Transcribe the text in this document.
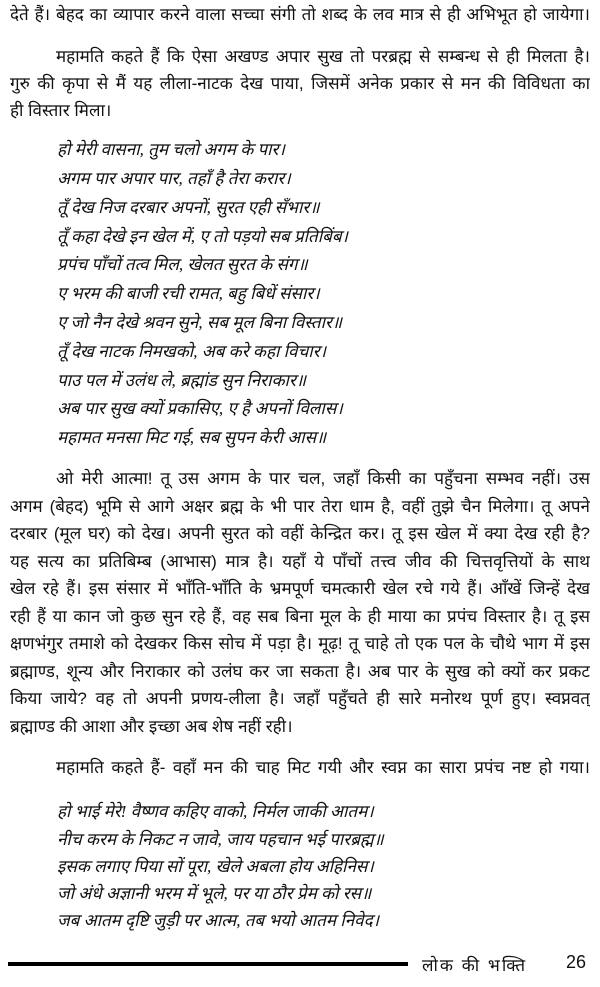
देते हैं। बेहद का व्यापार करने वाला सच्चा संगी तो शब्द के लव मात्र से ही अभिभूत हो जायेगा।
महामति कहते हैं कि ऐसा अखण्ड अपार सुख तो परब्रह्म से सम्बन्ध से ही मिलता है।
गुरु की कृपा से मैं यह लीला-नाटक देख पाया, जिसमें अनेक प्रकार से मन की विविधता का
ही विस्तार मिला।
हो मेरी वासना, तुम चलो अगम के पार।
अगम पार अपार पार, तहाँ है तेरा करार।
तूँ देख निज दरबार अपनों, सुरत एही सँभार॥
तूँ कहा देखे इन खेल में, ए तो पड़यो सब प्रतिबिंब।
प्रपंच पाँचों तत्व मिल, खेलत सुरत के संग॥
ए भरम की बाजी रची रामत, बहु बिधें संसार।
ए जो नैन देखे श्रवन सुने, सब मूल बिना विस्तार॥
तूँ देख नाटक निमखको, अब करे कहा विचार।
पाउ पल में उलंध ले, ब्रह्मांड सुन निराकार॥
अब पार सुख क्यों प्रकासिए, ए है अपनों विलास।
महामत मनसा मिट गई, सब सुपन केरी आस॥
ओ मेरी आत्मा! तू उस अगम के पार चल, जहाँ किसी का पहुँचना सम्भव नहीं। उस
अगम (बेहद) भूमि से आगे अक्षर ब्रह्म के भी पार तेरा धाम है, वहीं तुझे चैन मिलेगा। तू अपने
दरबार (मूल घर) को देख। अपनी सुरत को वहीं केन्द्रित कर। तू इस खेल में क्या देख रही है?
यह सत्य का प्रतिबिम्ब (आभास) मात्र है। यहाँ ये पाँचों तत्त्व जीव की चित्तवृत्तियों के साथ
खेल रहे हैं। इस संसार में भाँति-भाँति के भ्रमपूर्ण चमत्कारी खेल रचे गये हैं। आँखें जिन्हें देख
रही हैं या कान जो कुछ सुन रहे हैं, वह सब बिना मूल के ही माया का प्रपंच विस्तार है। तू इस
क्षणभंगुर तमाशे को देखकर किस सोच में पड़ा है। मूढ़! तू चाहे तो एक पल के चौथे भाग में इस
ब्रह्माण्ड, शून्य और निराकार को उलंघ कर जा सकता है। अब पार के सुख को क्यों कर प्रकट
किया जाये? वह तो अपनी प्रणय-लीला है। जहाँ पहुँचते ही सारे मनोरथ पूर्ण हुए। स्वप्नवत्
ब्रह्माण्ड की आशा और इच्छा अब शेष नहीं रही।
महामति कहते हैं- वहाँ मन की चाह मिट गयी और स्वप्न का सारा प्रपंच नष्ट हो गया।
हो भाई मेरे! वैष्णव कहिए वाको, निर्मल जाकी आतम।
नीच करम के निकट न जावे, जाय पहचान भई पारब्रह्म॥
इसक लगाए पिया सों पूरा, खेले अबला होय अहिनिस।
जो अंधे अज्ञानी भरम में भूले, पर या ठौर प्रेम को रस॥
जब आतम दृष्टि जुड़ी पर आत्म, तब भयो आतम निवेद।
लोक की भक्ति 26
